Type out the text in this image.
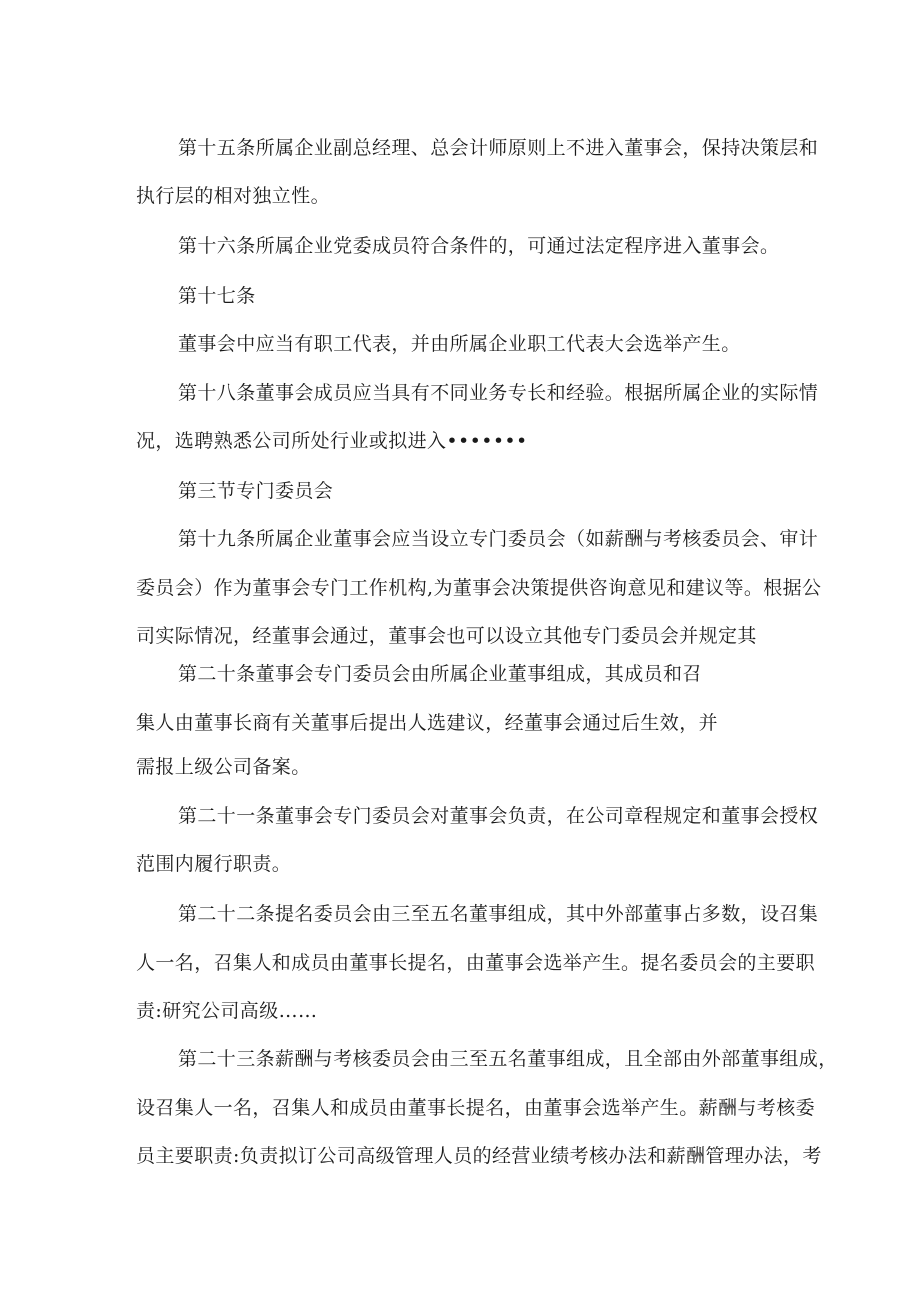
第十五条所属企业副总经理、总会计师原则上不进入董事会，保持决策层和
执行层的相对独立性。
第十六条所属企业党委成员符合条件的，可通过法定程序进入董事会。
第十七条
董事会中应当有职工代表，并由所属企业职工代表大会选举产生。
第十八条董事会成员应当具有不同业务专长和经验。根据所属企业的实际情
况，选聘熟悉公司所处行业或拟进入•••••••
第三节专门委员会
第十九条所属企业董事会应当设立专门委员会（如薪酬与考核委员会、审计
委员会）作为董事会专门工作机构,为董事会决策提供咨询意见和建议等。根据公
司实际情况，经董事会通过，董事会也可以设立其他专门委员会并规定其
第二十条董事会专门委员会由所属企业董事组成，其成员和召
集人由董事长商有关董事后提出人选建议，经董事会通过后生效，并
需报上级公司备案。
第二十一条董事会专门委员会对董事会负责，在公司章程规定和董事会授权
范围内履行职责。
第二十二条提名委员会由三至五名董事组成，其中外部董事占多数，设召集
人一名，召集人和成员由董事长提名，由董事会选举产生。提名委员会的主要职
责:研究公司高级……
第二十三条薪酬与考核委员会由三至五名董事组成，且全部由外部董事组成，
设召集人一名，召集人和成员由董事长提名，由董事会选举产生。薪酬与考核委
员主要职责:负责拟订公司高级管理人员的经营业绩考核办法和薪酬管理办法，考
